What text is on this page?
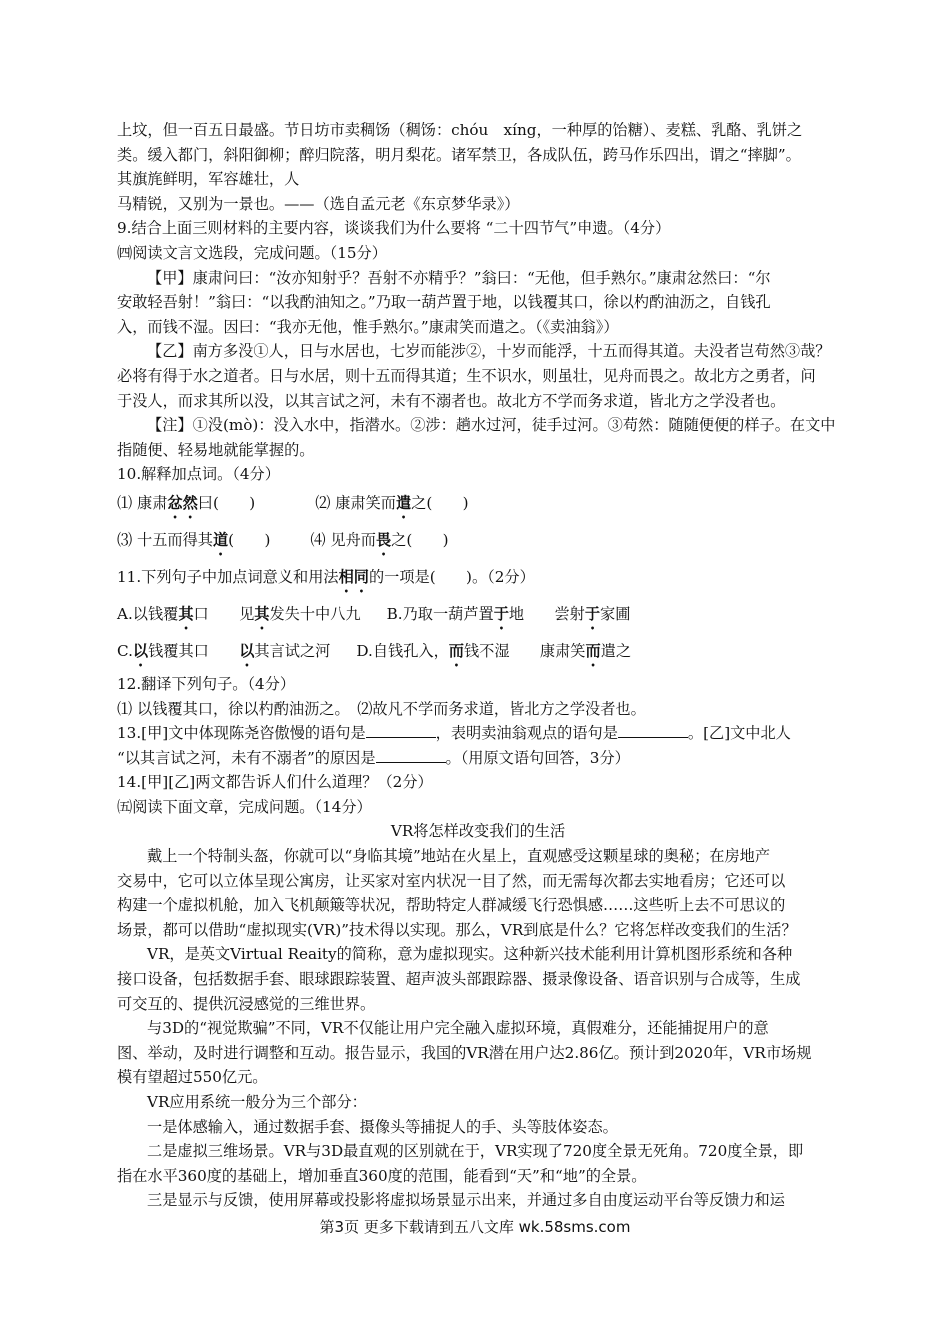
上坟，但一百五日最盛。节日坊市卖稠饧（稠饧：chóu　xíng，一种厚的饴糖）、麦糕、乳酪、乳饼之

类。缓入都门，斜阳御柳；醉归院落，明月梨花。诸军禁卫，各成队伍，跨马作乐四出，谓之“摔脚”。

其旗旄鲜明，军容雄壮，人

马精锐，又别为一景也。——（选自孟元老《东京梦华录》）

9.结合上面三则材料的主要内容，谈谈我们为什么要将 “二十四节气”申遗。（4分）

㈣阅读文言文选段，完成问题。（15分）

【甲】康肃问曰：“汝亦知射乎？吾射不亦精乎？”翁曰：“无他，但手熟尔。”康肃忿然曰：“尔

安敢轻吾射！”翁曰：“以我酌油知之。”乃取一葫芦置于地，以钱覆其口，徐以杓酌油沥之，自钱孔

入，而钱不湿。因曰：“我亦无他，惟手熟尔。”康肃笑而遣之。（《卖油翁》）

【乙】南方多没①人，日与水居也，七岁而能涉②，十岁而能浮，十五而得其道。夫没者岂苟然③哉？

必将有得于水之道者。日与水居，则十五而得其道；生不识水，则虽壮，见舟而畏之。故北方之勇者，问

于没人，而求其所以没，以其言试之河，未有不溺者也。故北方不学而务求道，皆北方之学没者也。

【注】①没(mò)：没入水中，指潜水。②涉：趟水过河，徒手过河。③苟然：随随便便的样子。在文中

指随便、轻易地就能掌握的。

10.解释加点词。（4分）

⑴ 康肃忿然曰(　　)	⑵ 康肃笑而遣之(　　)

⑶ 十五而得其道(　　)	⑷ 见舟而畏之(　　)

11.下列句子中加点词意义和用法相同的一项是(　　)。（2分）

A.以钱覆其口　　见其发失十中八九 B.乃取一葫芦置于地　　尝射于家圃

C.以钱覆其口　　以其言试之河 D.自钱孔入，而钱不湿　　康肃笑而遣之

12.翻译下列句子。（4分）

⑴ 以钱覆其口，徐以杓酌油沥之。　⑵故凡不学而务求道，皆北方之学没者也。

13.[甲]文中体现陈尧咨傲慢的语句是	，表明卖油翁观点的语句是	。[乙]文中北人

“以其言试之河，未有不溺者”的原因是	。（用原文语句回答，3分）

14.[甲][乙]两文都告诉人们什么道理？（2分）

㈤阅读下面文章，完成问题。（14分）

VR将怎样改变我们的生活

戴上一个特制头盔，你就可以“身临其境”地站在火星上，直观感受这颗星球的奥秘；在房地产

交易中，它可以立体呈现公寓房，让买家对室内状况一目了然，而无需每次都去实地看房；它还可以

构建一个虚拟机舱，加入飞机颠簸等状况，帮助特定人群减缓飞行恐惧感……这些听上去不可思议的

场景，都可以借助“虚拟现实(VR)”技术得以实现。那么，VR到底是什么？它将怎样改变我们的生活？

VR，是英文Virtual Reaity的简称，意为虚拟现实。这种新兴技术能利用计算机图形系统和各种

接口设备，包括数据手套、眼球跟踪装置、超声波头部跟踪器、摄录像设备、语音识别与合成等，生成

可交互的、提供沉浸感觉的三维世界。

与3D的“视觉欺骗”不同，VR不仅能让用户完全融入虚拟环境，真假难分，还能捕捉用户的意

图、举动，及时进行调整和互动。报告显示，我国的VR潜在用户达2.86亿。预计到2020年，VR市场规

模有望超过550亿元。

VR应用系统一般分为三个部分：

一是体感输入，通过数据手套、摄像头等捕捉人的手、头等肢体姿态。

二是虚拟三维场景。VR与3D最直观的区别就在于，VR实现了720度全景无死角。720度全景，即

指在水平360度的基础上，增加垂直360度的范围，能看到“天”和“地”的全景。

三是显示与反馈，使用屏幕或投影将虚拟场景显示出来，并通过多自由度运动平台等反馈力和运

第3页 更多下载请到五八文库 wk.58sms.com
